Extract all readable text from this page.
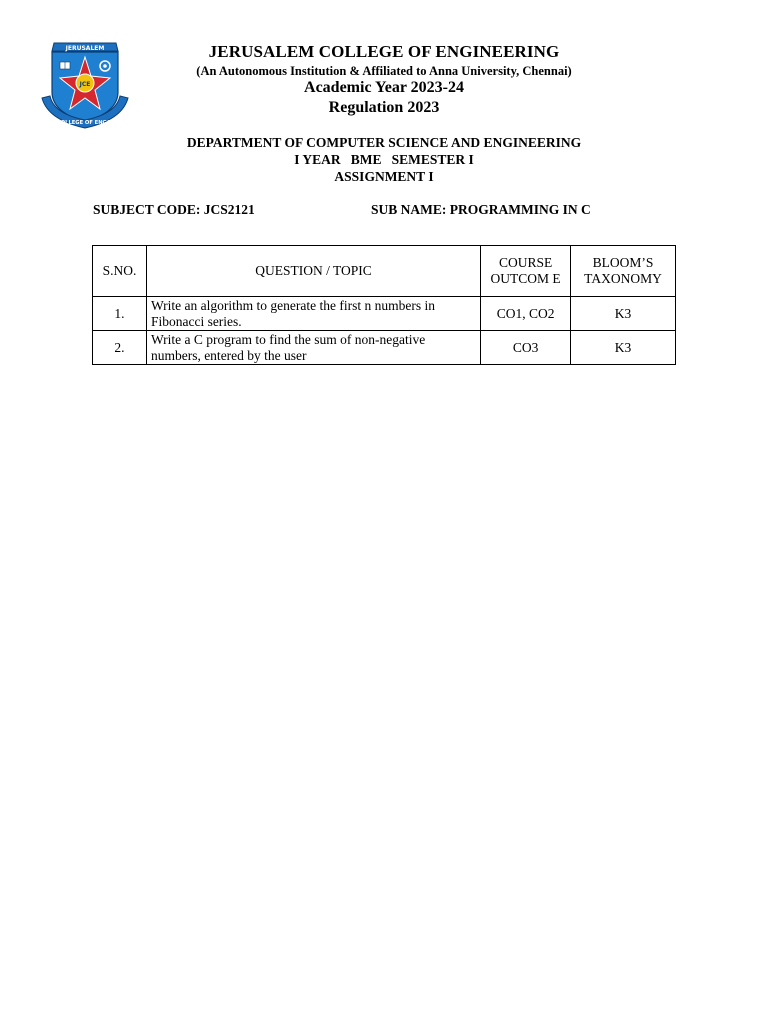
JERUSALEM
JCE
COLLEGE OF ENGG.
JERUSALEM COLLEGE OF ENGINEERING
(An Autonomous Institution & Affiliated to Anna University, Chennai)
Academic Year 2023-24
Regulation 2023
DEPARTMENT OF COMPUTER SCIENCE AND ENGINEERING
I YEAR   BME   SEMESTER I
ASSIGNMENT I
SUBJECT CODE: JCS2121	SUB NAME: PROGRAMMING IN C
S.NO.	QUESTION / TOPIC	COURSE OUTCOM E	BLOOM’S TAXONOMY
1.	Write an algorithm to generate the first n numbers in Fibonacci series.	CO1, CO2	K3
2.	Write a C program to find the sum of non-negative numbers, entered by the user	CO3	K3
